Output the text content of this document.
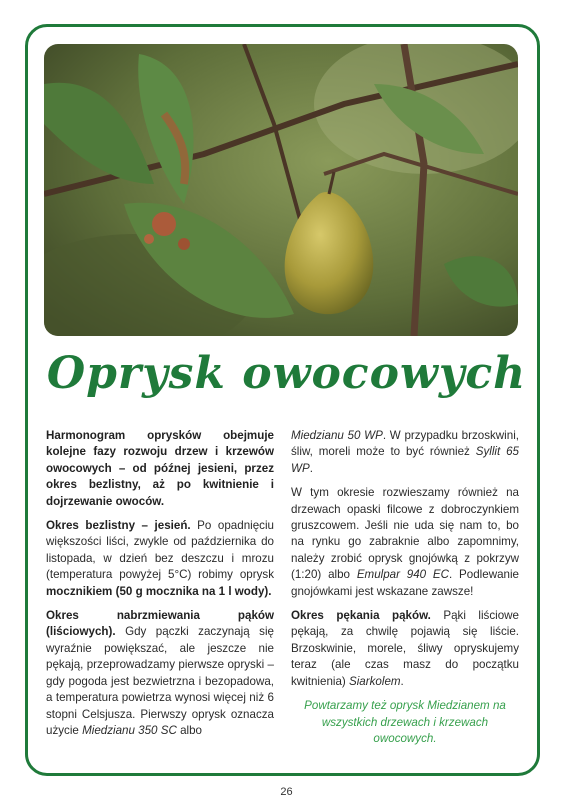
Oprysk owocowych

Harmonogram oprysków obejmuje kolejne fazy rozwoju drzew i krzewów owocowych – od późnej jesieni, przez okres bezlistny, aż po kwitnienie i dojrzewanie owoców.

Okres bezlistny – jesień. Po opadnięciu większości liści, zwykle od października do listopada, w dzień bez deszczu i mrozu (temperatura powyżej 5°C) robimy oprysk mocznikiem (50 g mocznika na 1 l wody).

Okres nabrzmiewania pąków (liściowych). Gdy pączki zaczynają się wyraźnie powiększać, ale jeszcze nie pękają, przeprowadzamy pierwsze opryski – gdy pogoda jest bezwietrzna i bezopadowa, a temperatura powietrza wynosi więcej niż 6 stopni Celsjusza. Pierwszy oprysk oznacza użycie Miedzianu 350 SC albo

Miedzianu 50 WP. W przypadku brzoskwini, śliw, moreli może to być również Syllit 65 WP.

W tym okresie rozwieszamy również na drzewach opaski filcowe z dobroczynkiem gruszcowem. Jeśli nie uda się nam to, bo na rynku go zabraknie albo zapomnimy, należy zrobić oprysk gnojówką z pokrzyw (1:20) albo Emulpar 940 EC. Podlewanie gnojówkami jest wskazane zawsze!

Okres pękania pąków. Pąki liściowe pękają, za chwilę pojawią się liście. Brzoskwinie, morele, śliwy opryskujemy teraz (ale czas masz do początku kwitnienia) Siarkolem.

Powtarzamy też oprysk Miedzianem na wszystkich drzewach i krzewach owocowych.

26
